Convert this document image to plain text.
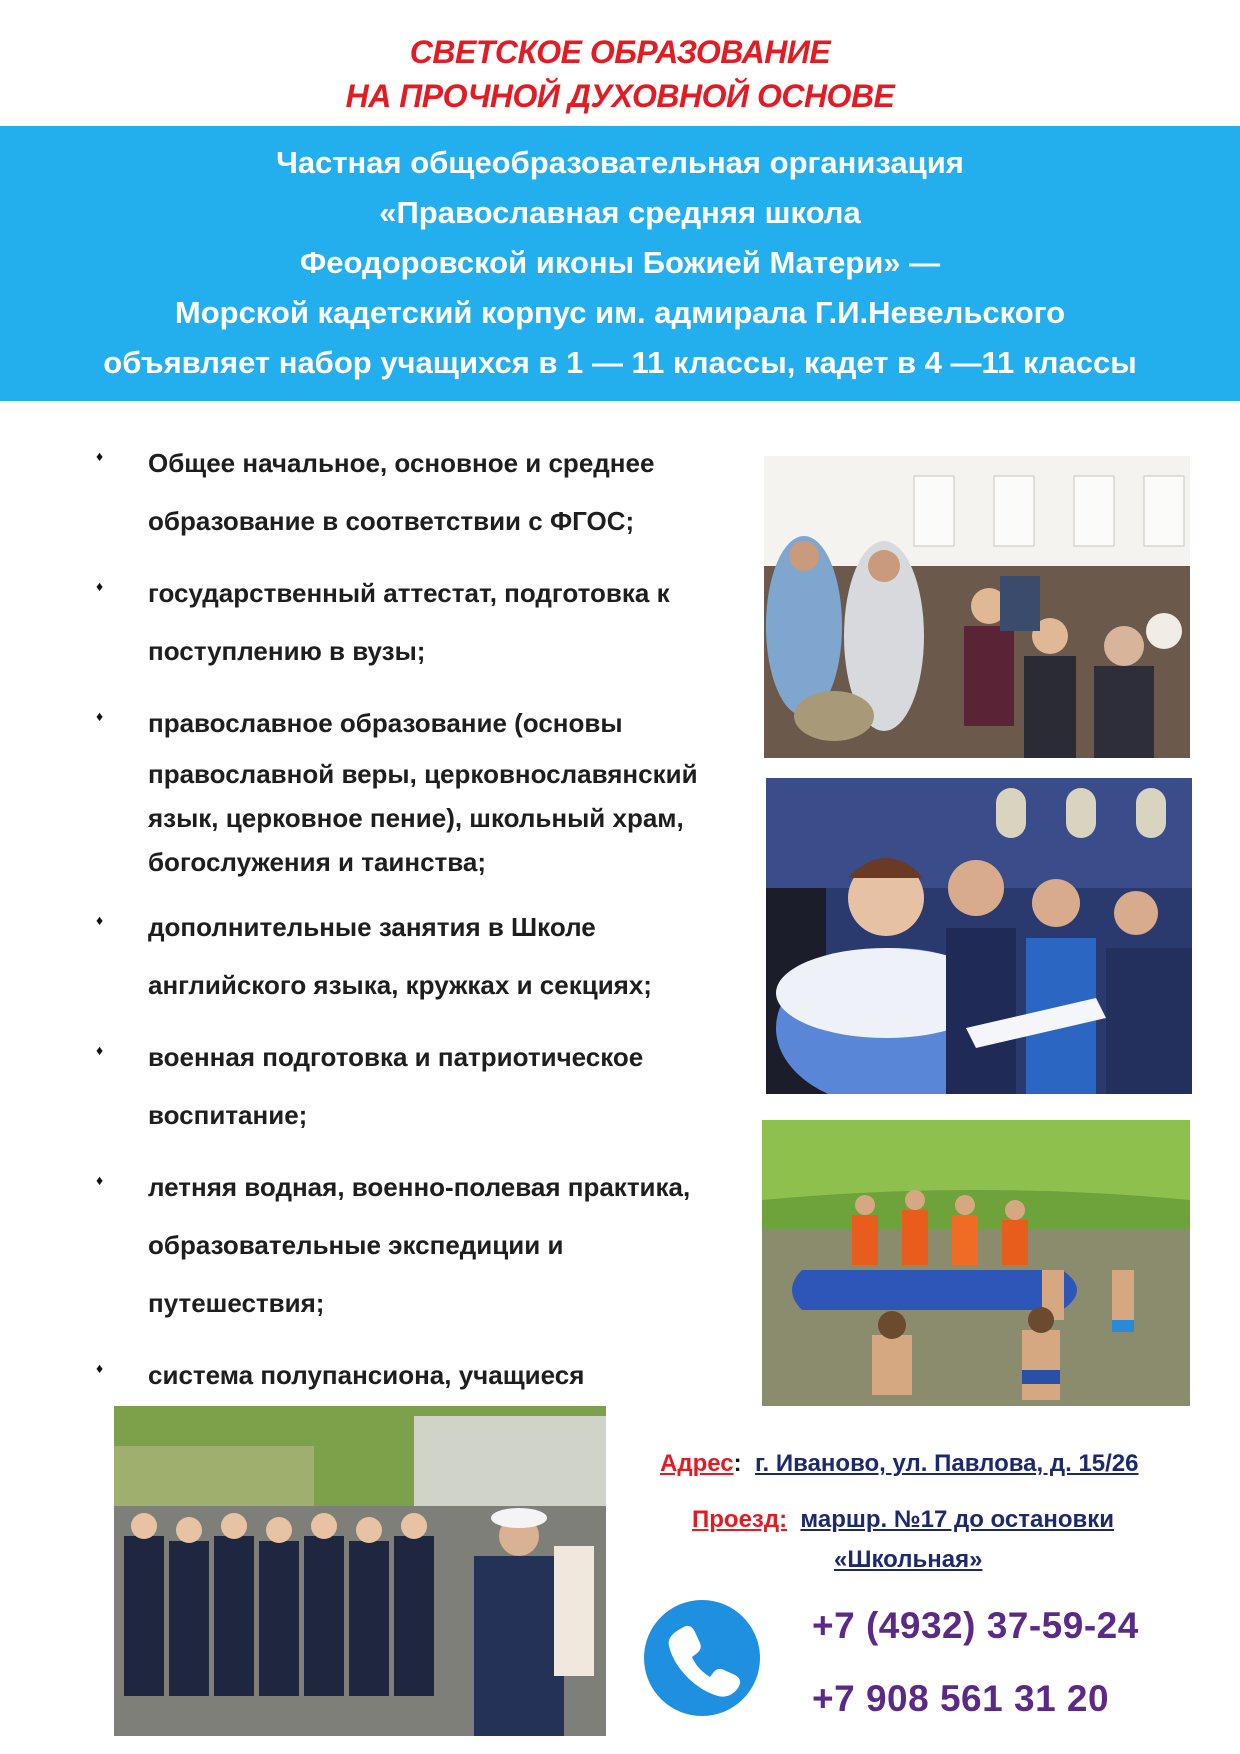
СВЕТСКОЕ ОБРАЗОВАНИЕ
НА ПРОЧНОЙ ДУХОВНОЙ ОСНОВЕ
Частная общеобразовательная организация
«Православная средняя школа
Феодоровской иконы Божией Матери» —
Морской кадетский корпус им. адмирала Г.И.Невельского
объявляет набор учащихся в 1 — 11 классы, кадет в 4 —11 классы
♦ Общее начальное, основное и среднее
образование в соответствии с ФГОС;
♦ государственный аттестат, подготовка к
поступлению в вузы;
♦ православное образование (основы
православной веры, церковнославянский
язык, церковное пение), школьный храм,
богослужения и таинства;
♦ дополнительные занятия в Школе
английского языка, кружках и секциях;
♦ военная подготовка и патриотическое
воспитание;
♦ летняя водная, военно-полевая практика,
образовательные экспедиции и
путешествия;
♦ система полупансиона, учащиеся
Адрес: г. Иваново, ул. Павлова, д. 15/26
Проезд: маршр. №17 до остановки
«Школьная»
+7 (4932) 37-59-24
+7 908 561 31 20
